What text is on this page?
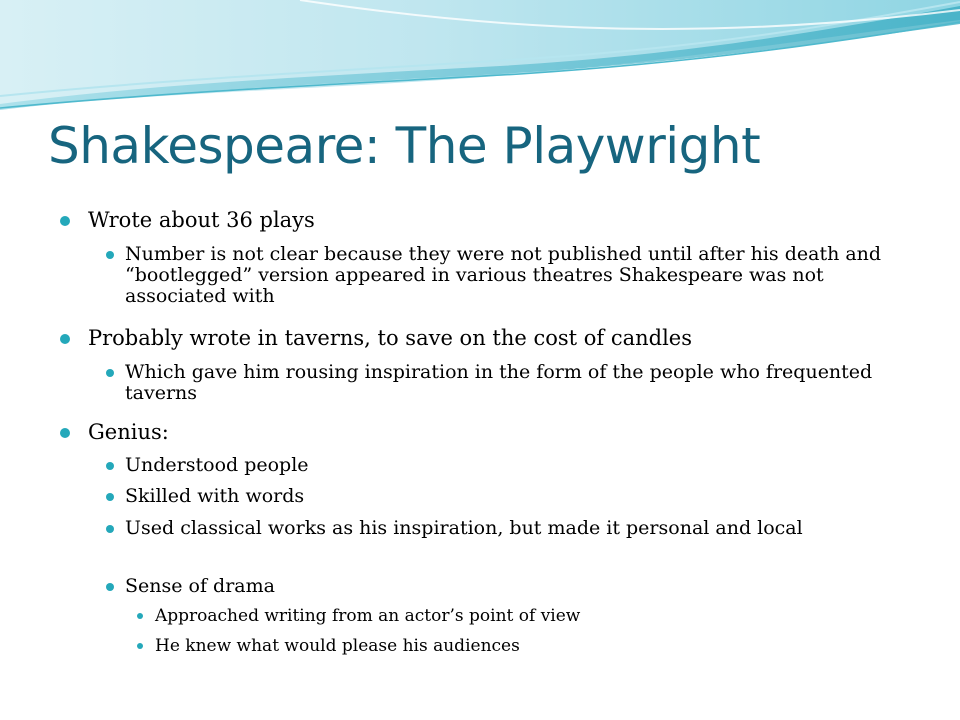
Shakespeare: The Playwright
Wrote about 36 plays
Number is not clear because they were not published until after his death and “bootlegged” version appeared in various theatres Shakespeare was not associated with
Probably wrote in taverns, to save on the cost of candles
Which gave him rousing inspiration in the form of the people who frequented taverns
Genius:
Understood people
Skilled with words
Used classical works as his inspiration, but made it personal and local
Sense of drama
Approached writing from an actor’s point of view
He knew what would please his audiences
